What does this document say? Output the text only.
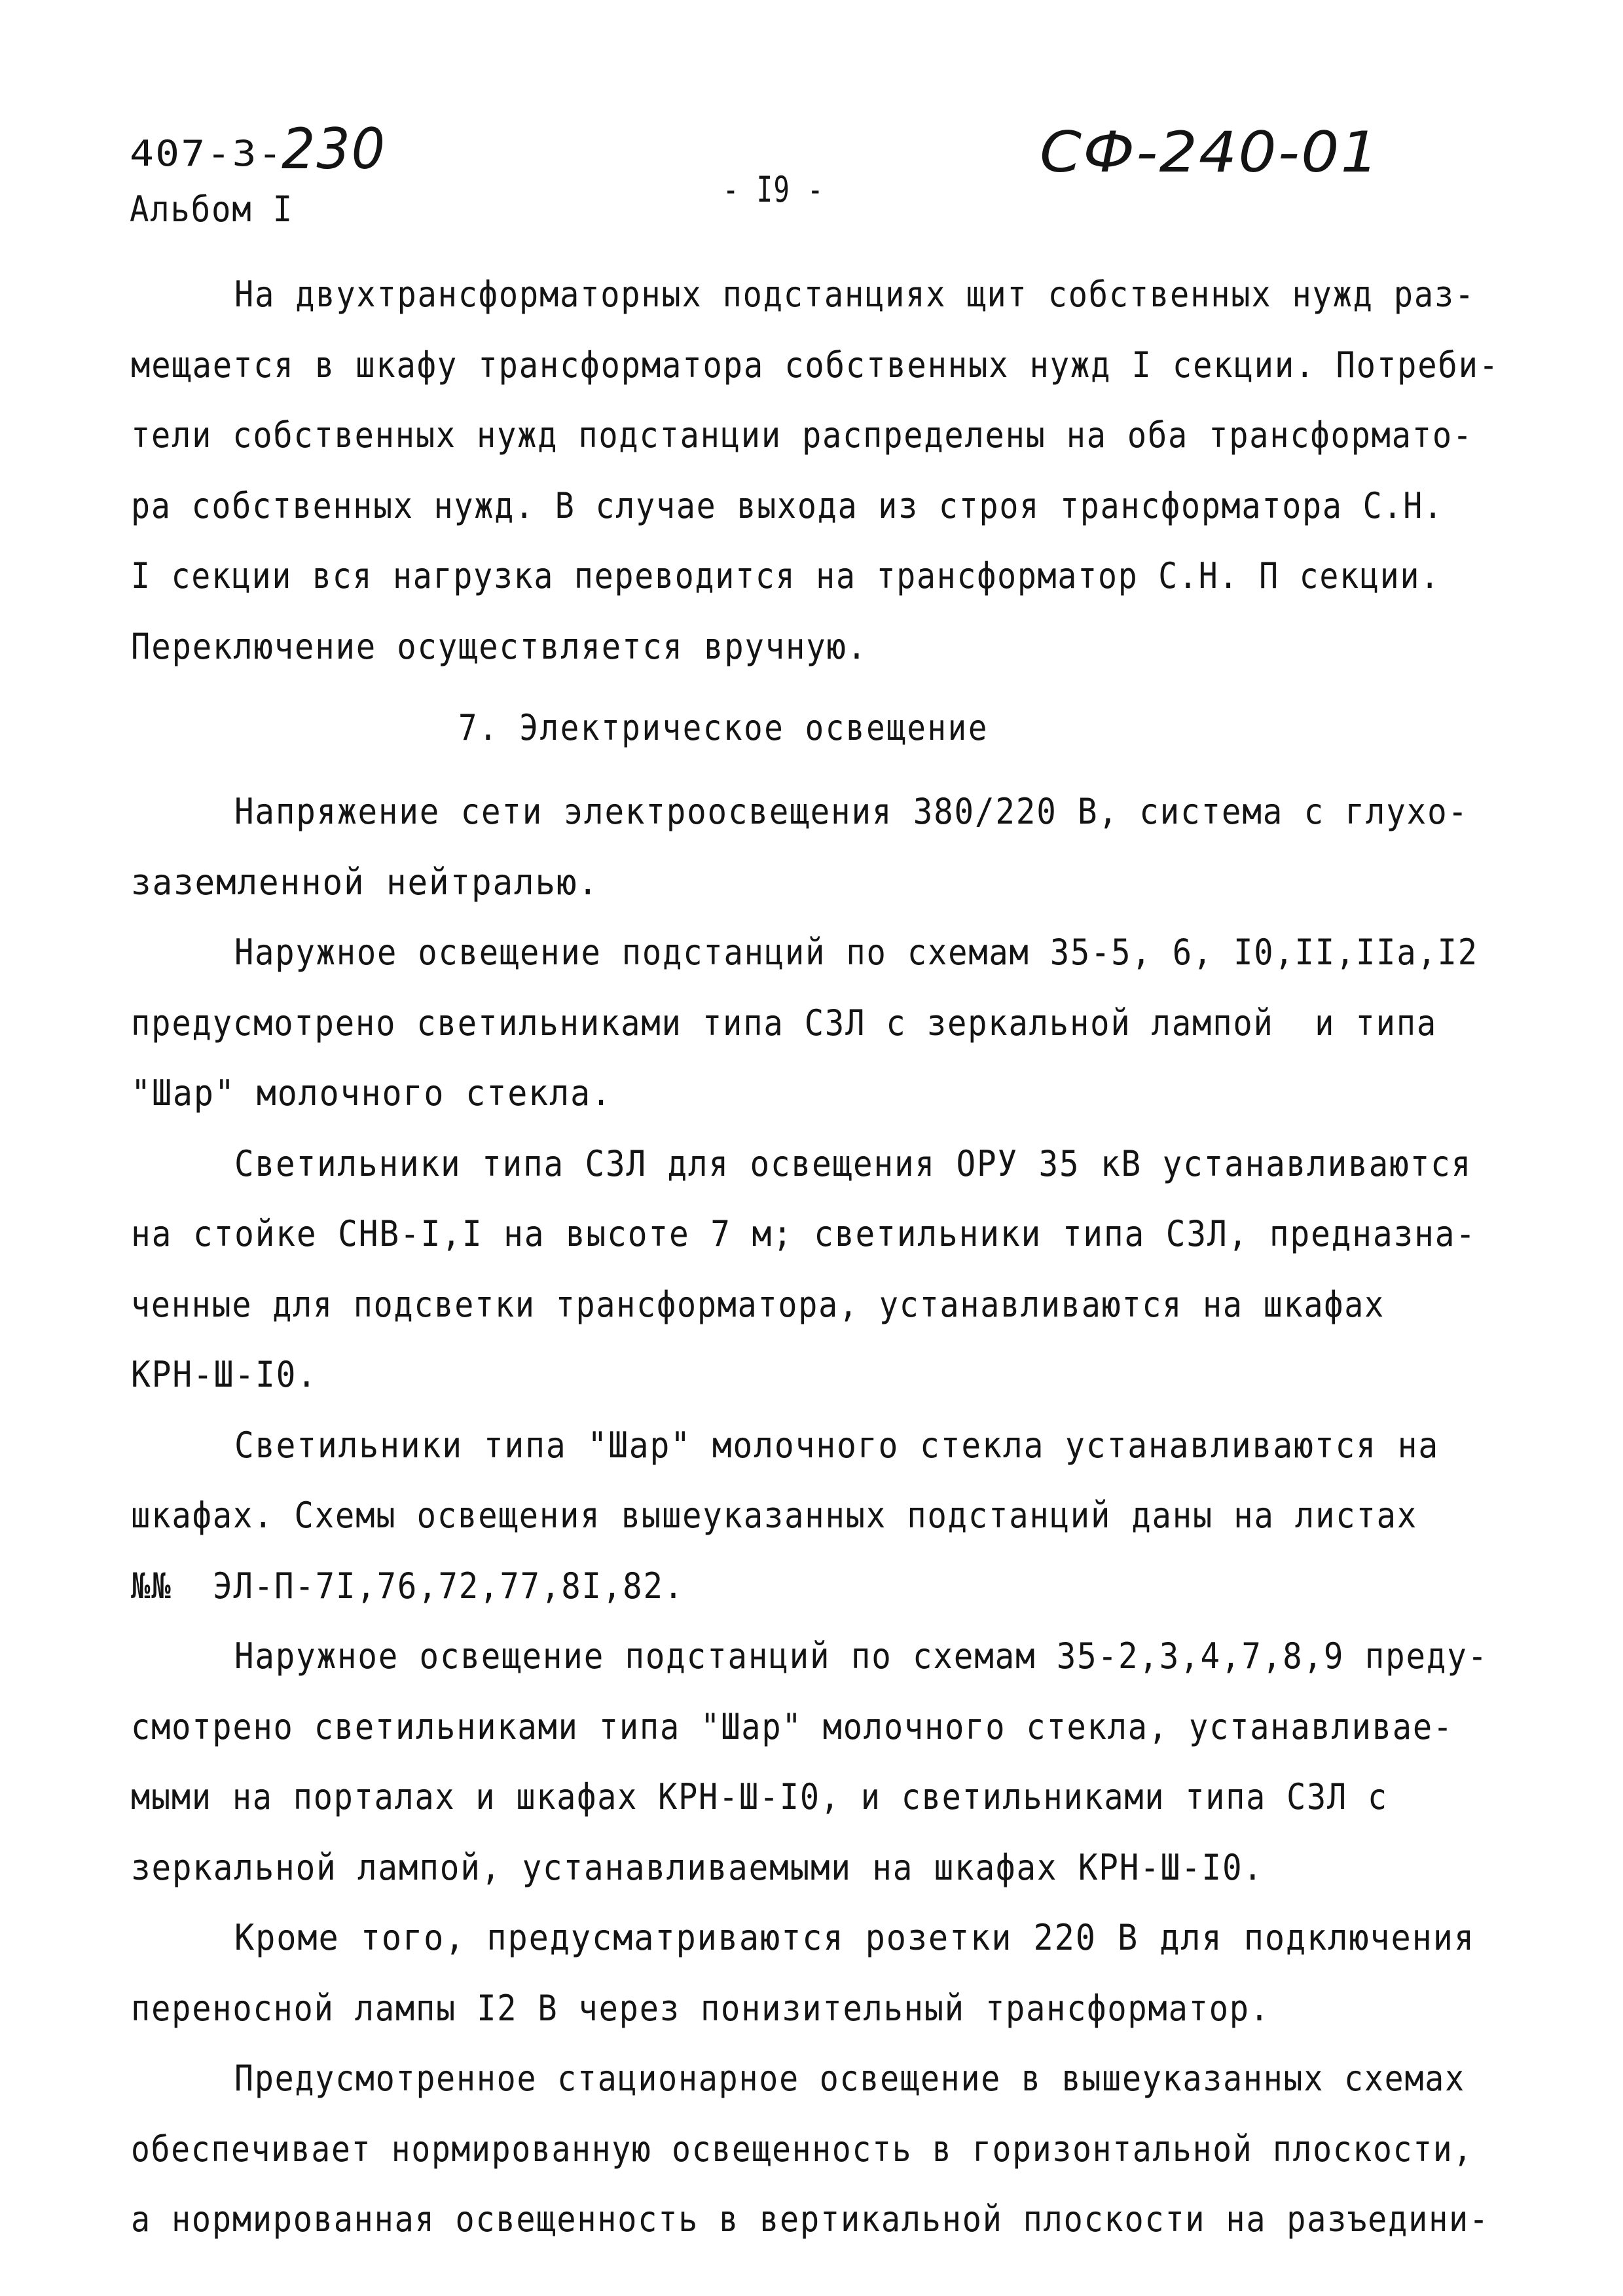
407-3-
230
Альбом I	- I9 -
СФ-240-01
На двухтрансформаторных подстанциях щит собственных нужд раз-
мещается в шкафу трансформатора собственных нужд I секции. Потреби-
тели собственных нужд подстанции распределены на оба трансформато-
ра собственных нужд. В случае выхода из строя трансформатора С.Н.
I секции вся нагрузка переводится на трансформатор С.Н. П секции.
Переключение осуществляется вручную.
7. Электрическое освещение
Напряжение сети электроосвещения 380/220 В, система с глухо-
заземленной нейтралью.
Наружное освещение подстанций по схемам 35-5, 6, I0,II,IIа,I2
предусмотрено светильниками типа СЗЛ с зеркальной лампой  и типа
"Шар" молочного стекла.
Светильники типа СЗЛ для освещения ОРУ 35 кВ устанавливаются
на стойке СНВ-I,I на высоте 7 м; светильники типа СЗЛ, предназна-
ченные для подсветки трансформатора, устанавливаются на шкафах
КРН-Ш-I0.
Светильники типа "Шар" молочного стекла устанавливаются на
шкафах. Схемы освещения вышеуказанных подстанций даны на листах
№№  ЭЛ-П-7I,76,72,77,8I,82.
Наружное освещение подстанций по схемам 35-2,3,4,7,8,9 преду-
смотрено светильниками типа "Шар" молочного стекла, устанавливае-
мыми на порталах и шкафах КРН-Ш-I0, и светильниками типа СЗЛ с
зеркальной лампой, устанавливаемыми на шкафах КРН-Ш-I0.
Кроме того, предусматриваются розетки 220 В для подключения
переносной лампы I2 В через понизительный трансформатор.
Предусмотренное стационарное освещение в вышеуказанных схемах
обеспечивает нормированную освещенность в горизонтальной плоскости,
а нормированная освещенность в вертикальной плоскости на разъедини-
